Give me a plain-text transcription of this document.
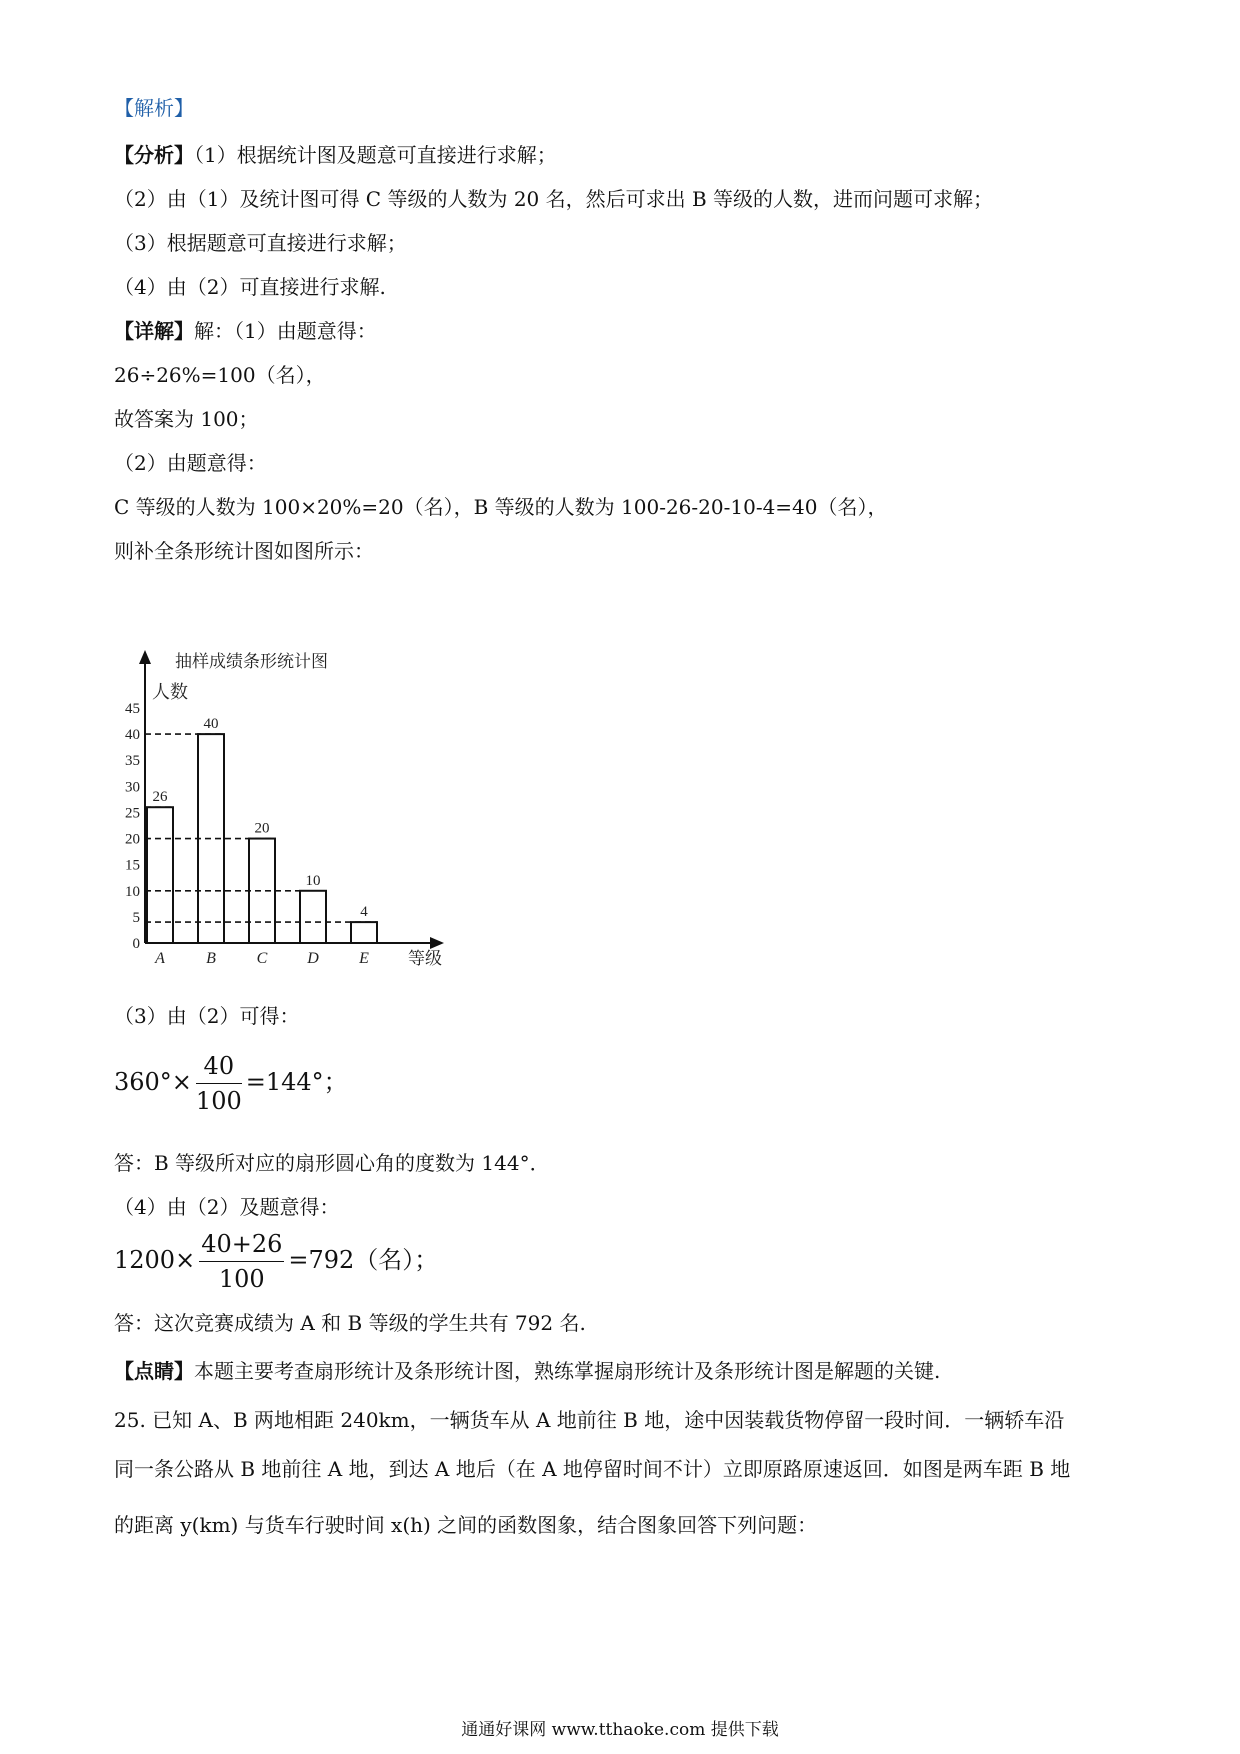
【解析】
【分析】（1）根据统计图及题意可直接进行求解；
（2）由（1）及统计图可得 C 等级的人数为 20 名，然后可求出 B 等级的人数，进而问题可求解；
（3）根据题意可直接进行求解；
（4）由（2）可直接进行求解.
【详解】解：（1）由题意得：
26÷26%=100（名），
故答案为 100；
（2）由题意得：
C 等级的人数为 100×20%=20（名），B 等级的人数为 100-26-20-10-4=40（名），
则补全条形统计图如图所示：
抽样成绩条形统计图
人数
等级
0
5
10
15
20
25
30
35
40
45
26
A
40
B
20
C
10
D
4
E
（3）由（2）可得：
$360^\circ\times \frac{40}{100} =144^\circ$；
答：B 等级所对应的扇形圆心角的度数为 144°．
（4）由（2）及题意得：
$1200\times \frac{40+26}{100} =792$（名）；
答：这次竞赛成绩为 A 和 B 等级的学生共有 792 名.
【点睛】本题主要考查扇形统计及条形统计图，熟练掌握扇形统计及条形统计图是解题的关键.
25. 已知 A、B 两地相距 240km，一辆货车从 A 地前往 B 地，途中因装载货物停留一段时间．一辆轿车沿
同一条公路从 B 地前往 A 地，到达 A 地后（在 A 地停留时间不计）立即原路原速返回．如图是两车距 B 地
的距离 y(km) 与货车行驶时间 x(h) 之间的函数图象，结合图象回答下列问题：
通通好课网 www.tthaoke.com 提供下载
